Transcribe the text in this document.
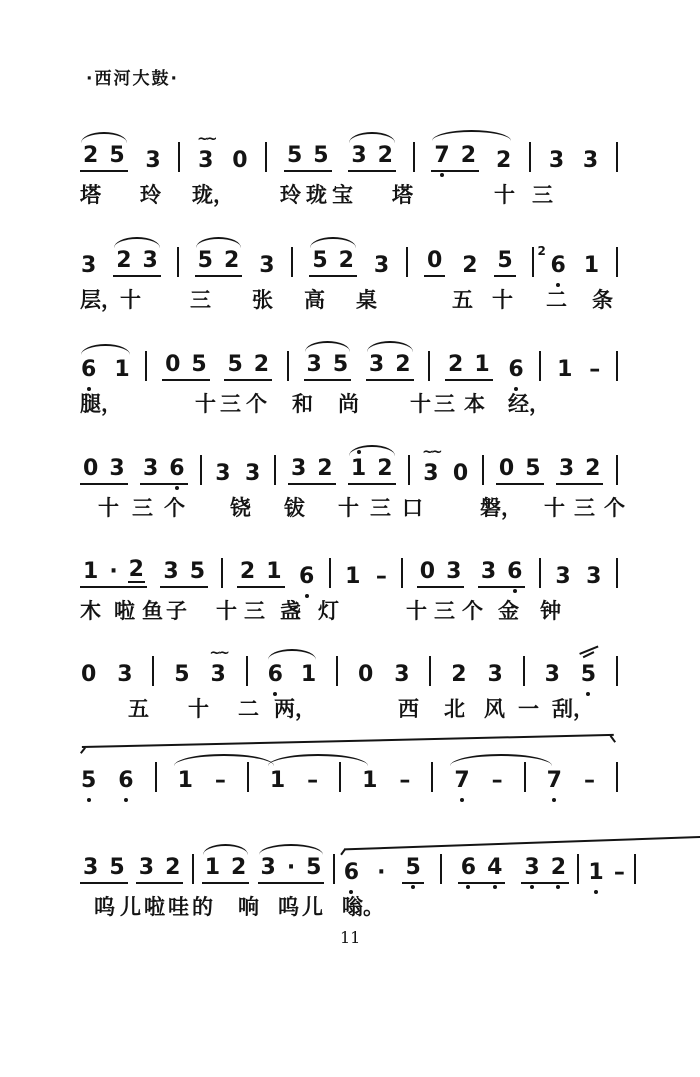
·西河大鼓·
2 5 3 3
~~
0 5 5 3 2 7 2 2 3 3
塔 玲 珑， 玲 珑 宝 塔	十 三
3 2 3 5 2 3 5 2 3 0 2 5 6
2
1
层，
十 三 张 高 桌	五 十 二 条
6 1 0 5 5 2 3 5 3 2 2 1 6 1 –
腿，	十 三 个 和 尚 十 三 本 经，
0 3 3 6 3 3 3 2 1 2 3
~~
0 0 5 3 2
十 三 个 铙 钹 十 三 口	磐， 十 三 个
1 · 2 3 5 2 1 6 1 – 0 3 3 6 3 3
木 啦 鱼 子 十 三 盏 灯	十 三 个 金 钟
0 3 5 3
~~
6 1 0 3 2 3 3 5
五 十 二 两，	西 北 风 一 刮，
5 6 1 – 1 – 1 – 7 – 7 –
3 5 3 2 1 2 3 · 5 6 · 5 6 4 3 2 1 –
呜 儿 啦 哇 的 响 呜 儿 嗡。
11
